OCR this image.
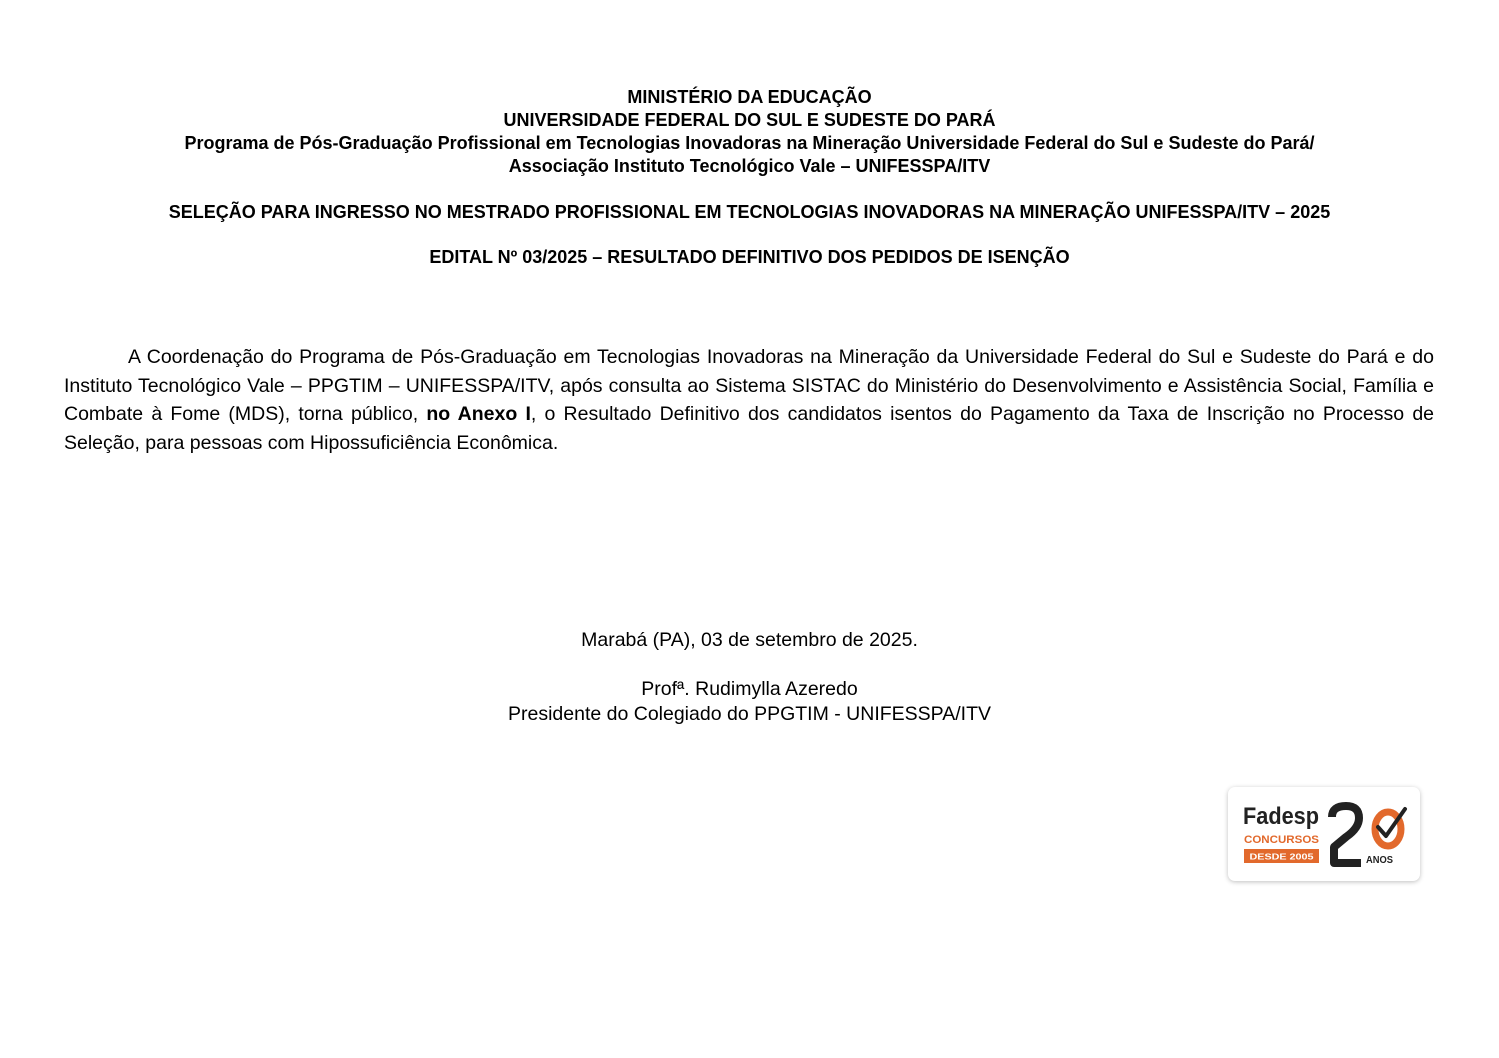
MINISTÉRIO DA EDUCAÇÃO
UNIVERSIDADE FEDERAL DO SUL E SUDESTE DO PARÁ
Programa de Pós-Graduação Profissional em Tecnologias Inovadoras na Mineração Universidade Federal do Sul e Sudeste do Pará/
Associação Instituto Tecnológico Vale – UNIFESSPA/ITV
SELEÇÃO PARA INGRESSO NO MESTRADO PROFISSIONAL EM TECNOLOGIAS INOVADORAS NA MINERAÇÃO UNIFESSPA/ITV – 2025
EDITAL Nº 03/2025 – RESULTADO DEFINITIVO DOS PEDIDOS DE ISENÇÃO
A Coordenação do Programa de Pós-Graduação em Tecnologias Inovadoras na Mineração da Universidade Federal do Sul e Sudeste do Pará e do Instituto Tecnológico Vale – PPGTIM – UNIFESSPA/ITV, após consulta ao Sistema SISTAC do Ministério do Desenvolvimento e Assistência Social, Família e Combate à Fome (MDS), torna público, no Anexo I, o Resultado Definitivo dos candidatos isentos do Pagamento da Taxa de Inscrição no Processo de Seleção, para pessoas com Hipossuficiência Econômica.
Marabá (PA), 03 de setembro de 2025.
Profª. Rudimylla Azeredo
Presidente do Colegiado do PPGTIM - UNIFESSPA/ITV
Fadesp
CONCURSOS
DESDE 2005	ANOS
